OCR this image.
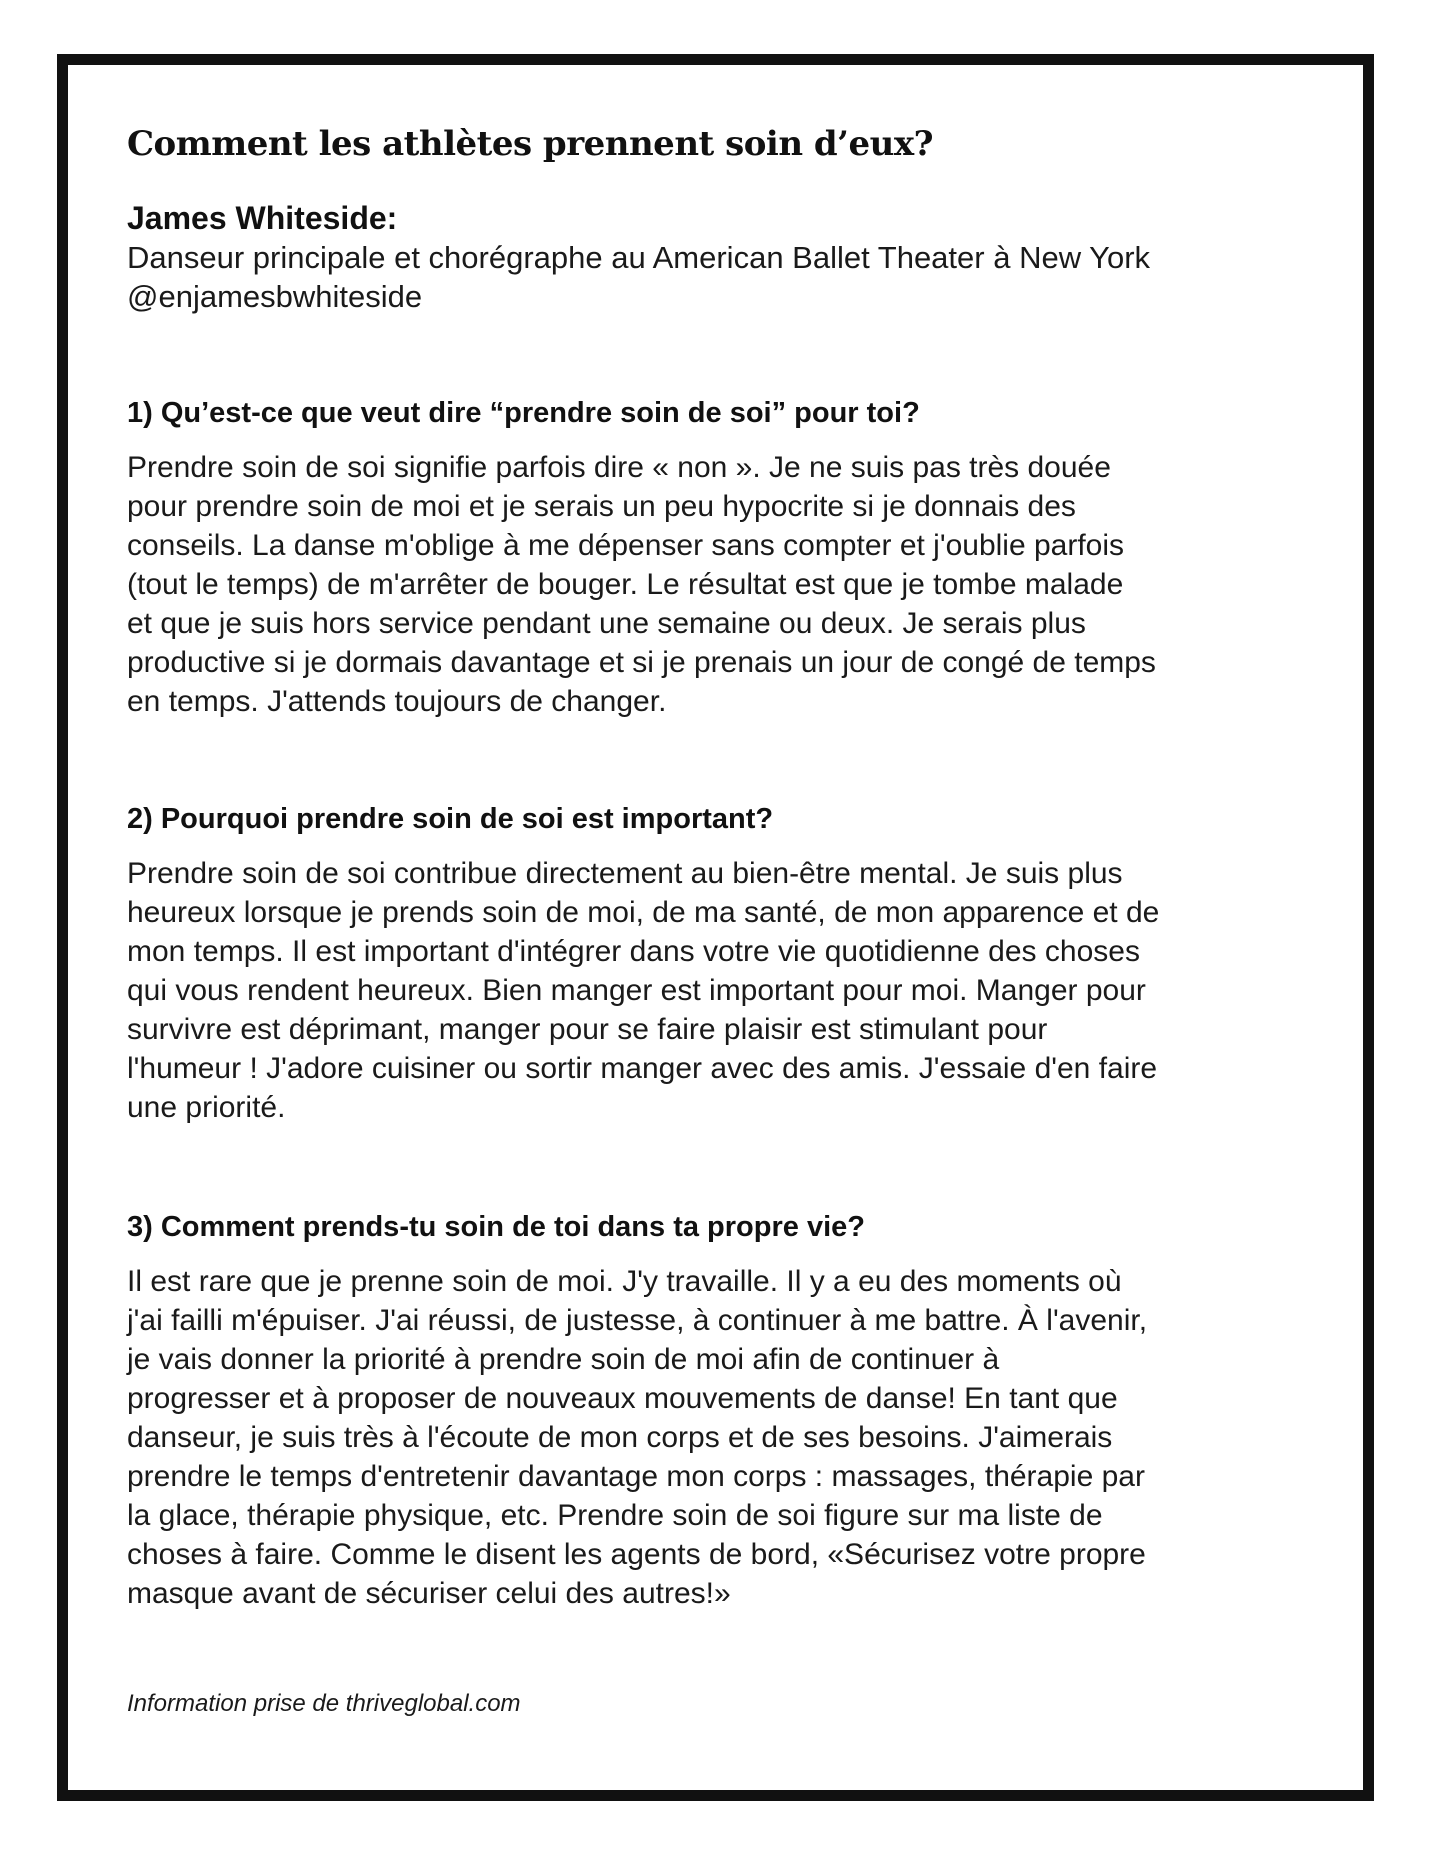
Comment les athlètes prennent soin d’eux?

James Whiteside:

Danseur principale et chorégraphe au American Ballet Theater à New York

@enjamesbwhiteside

1) Qu’est-ce que veut dire “prendre soin de soi” pour toi?

Prendre soin de soi signifie parfois dire « non ». Je ne suis pas très douée
pour prendre soin de moi et je serais un peu hypocrite si je donnais des
conseils. La danse m'oblige à me dépenser sans compter et j'oublie parfois
(tout le temps) de m'arrêter de bouger. Le résultat est que je tombe malade
et que je suis hors service pendant une semaine ou deux. Je serais plus
productive si je dormais davantage et si je prenais un jour de congé de temps
en temps. J'attends toujours de changer.

2) Pourquoi prendre soin de soi est important?

Prendre soin de soi contribue directement au bien-être mental. Je suis plus
heureux lorsque je prends soin de moi, de ma santé, de mon apparence et de
mon temps. Il est important d'intégrer dans votre vie quotidienne des choses
qui vous rendent heureux. Bien manger est important pour moi. Manger pour
survivre est déprimant, manger pour se faire plaisir est stimulant pour
l'humeur ! J'adore cuisiner ou sortir manger avec des amis. J'essaie d'en faire
une priorité.

3) Comment prends-tu soin de toi dans ta propre vie?

Il est rare que je prenne soin de moi. J'y travaille. Il y a eu des moments où
j'ai failli m'épuiser. J'ai réussi, de justesse, à continuer à me battre. À l'avenir,
je vais donner la priorité à prendre soin de moi afin de continuer à
progresser et à proposer de nouveaux mouvements de danse! En tant que
danseur, je suis très à l'écoute de mon corps et de ses besoins. J'aimerais
prendre le temps d'entretenir davantage mon corps : massages, thérapie par
la glace, thérapie physique, etc. Prendre soin de soi figure sur ma liste de
choses à faire. Comme le disent les agents de bord, «Sécurisez votre propre
masque avant de sécuriser celui des autres!»

Information prise de thriveglobal.com
